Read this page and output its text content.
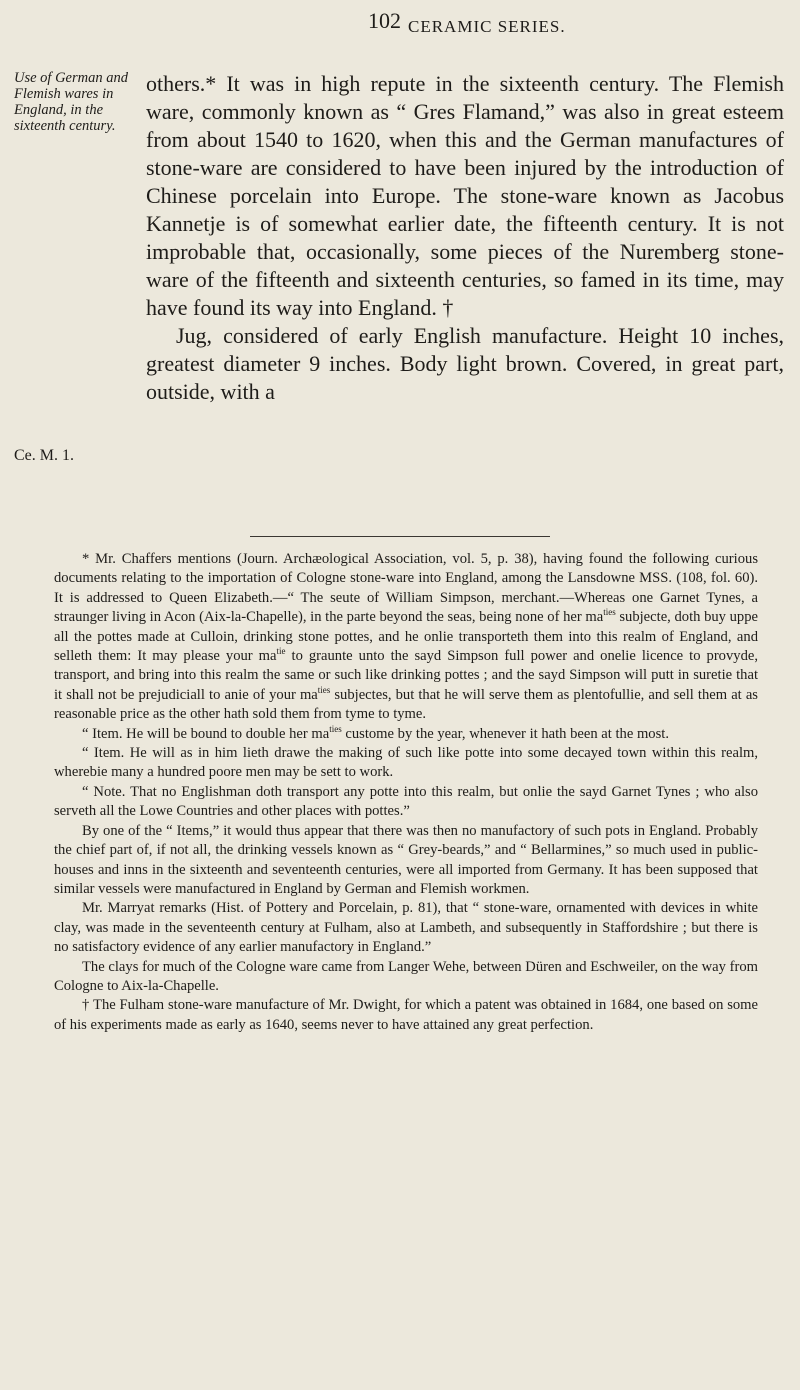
102 CERAMIC SERIES.
Use of German and Flemish wares in England, in the sixteenth century.
Ce. M. 1.

others.* It was in high repute in the sixteenth century. The Flemish ware, commonly known as “ Gres Flamand,” was also in great esteem from about 1540 to 1620, when this and the German manufactures of stone-ware are considered to have been injured by the introduction of Chinese porcelain into Europe. The stone-ware known as Jacobus Kannetje is of somewhat earlier date, the fifteenth century. It is not improbable that, occasionally, some pieces of the Nuremberg stone-ware of the fifteenth and sixteenth centuries, so famed in its time, may have found its way into England. †

Jug, considered of early English manufacture. Height 10 inches, greatest diameter 9 inches. Body light brown. Covered, in great part, outside, with a

* Mr. Chaffers mentions (Journ. Archæological Association, vol. 5, p. 38), having found the following curious documents relating to the importation of Cologne stone-ware into England, among the Lansdowne MSS. (108, fol. 60). It is addressed to Queen Elizabeth.—“ The seute of William Simpson, merchant.—Whereas one Garnet Tynes, a straunger living in Acon (Aix-la-Chapelle), in the parte beyond the seas, being none of her $ma^{ties}$ subjecte, doth buy uppe all the pottes made at Culloin, drinking stone pottes, and he onlie transporteth them into this realm of England, and selleth them: It may please your $ma^{tie}$ to graunte unto the sayd Simpson full power and onelie licence to provyde, transport, and bring into this realm the same or such like drinking pottes ; and the sayd Simpson will putt in suretie that it shall not be prejudiciall to anie of your $ma^{ties}$ subjectes, but that he will serve them as plentofullie, and sell them at as reasonable price as the other hath sold them from tyme to tyme.

“ Item. He will be bound to double her $ma^{ties}$ custome by the year, whenever it hath been at the most.

“ Item. He will as in him lieth drawe the making of such like potte into some decayed town within this realm, wherebie many a hundred poore men may be sett to work.

“ Note. That no Englishman doth transport any potte into this realm, but onlie the sayd Garnet Tynes ; who also serveth all the Lowe Countries and other places with pottes.”

By one of the “ Items,” it would thus appear that there was then no manufactory of such pots in England. Probably the chief part of, if not all, the drinking vessels known as “ Grey-beards,” and “ Bellarmines,” so much used in public-houses and inns in the sixteenth and seventeenth centuries, were all imported from Germany. It has been supposed that similar vessels were manufactured in England by German and Flemish workmen.

Mr. Marryat remarks (Hist. of Pottery and Porcelain, p. 81), that “ stone-ware, ornamented with devices in white clay, was made in the seventeenth century at Fulham, also at Lambeth, and subsequently in Staffordshire ; but there is no satisfactory evidence of any earlier manufactory in England.”

The clays for much of the Cologne ware came from Langer Wehe, between Düren and Eschweiler, on the way from Cologne to Aix-la-Chapelle.

† The Fulham stone-ware manufacture of Mr. Dwight, for which a patent was obtained in 1684, one based on some of his experiments made as early as 1640, seems never to have attained any great perfection.
